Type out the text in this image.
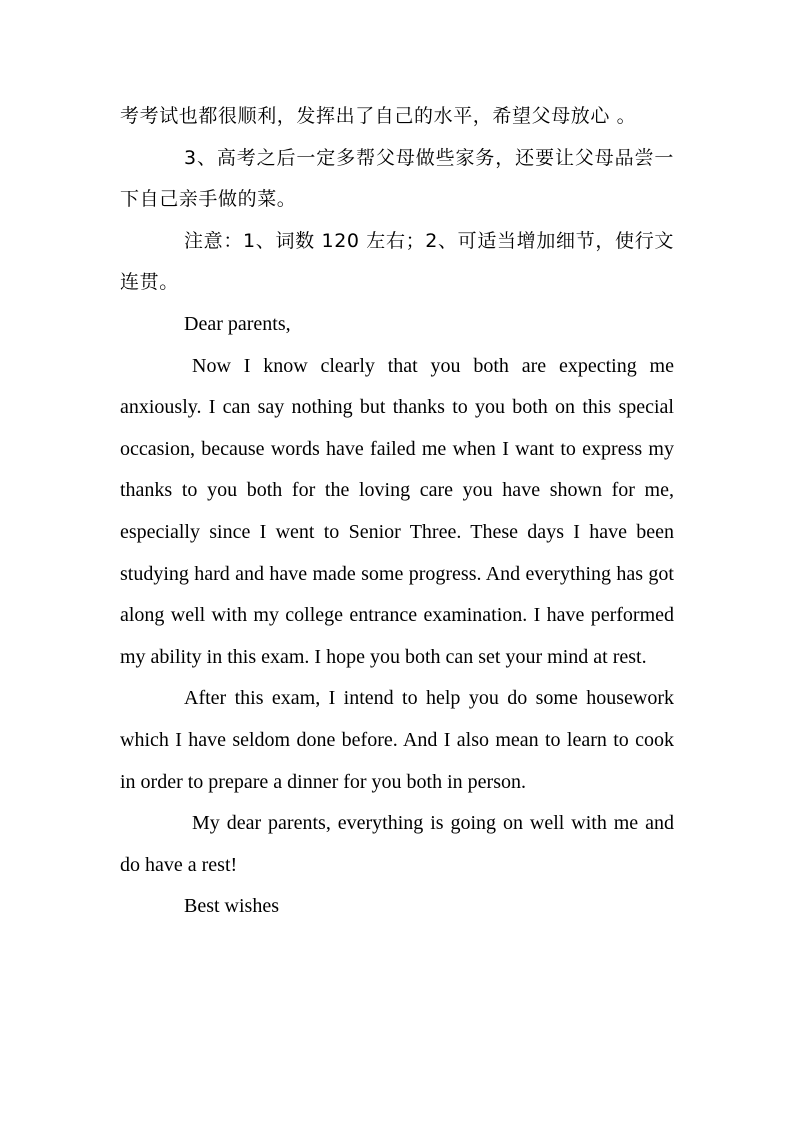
考考试也都很顺利，发挥出了自己的水平，希望父母放心 。

3、高考之后一定多帮父母做些家务，还要让父母品尝一下自己亲手做的菜。

注意：1、词数 120 左右；2、可适当增加细节，使行文连贯。

Dear parents,

Now I know clearly that you both are expecting me anxiously. I can say nothing but thanks to you both on this special occasion, because words have failed me when I want to express my thanks to you both for the loving care you have shown for me, especially since I went to Senior Three. These days I have been studying hard and have made some progress. And everything has got along well with my college entrance examination. I have performed my ability in this exam. I hope you both can set your mind at rest.

After this exam, I intend to help you do some housework which I have seldom done before. And I also mean to learn to cook in order to prepare a dinner for you both in person.

My dear parents, everything is going on well with me and do have a rest!

Best wishes
